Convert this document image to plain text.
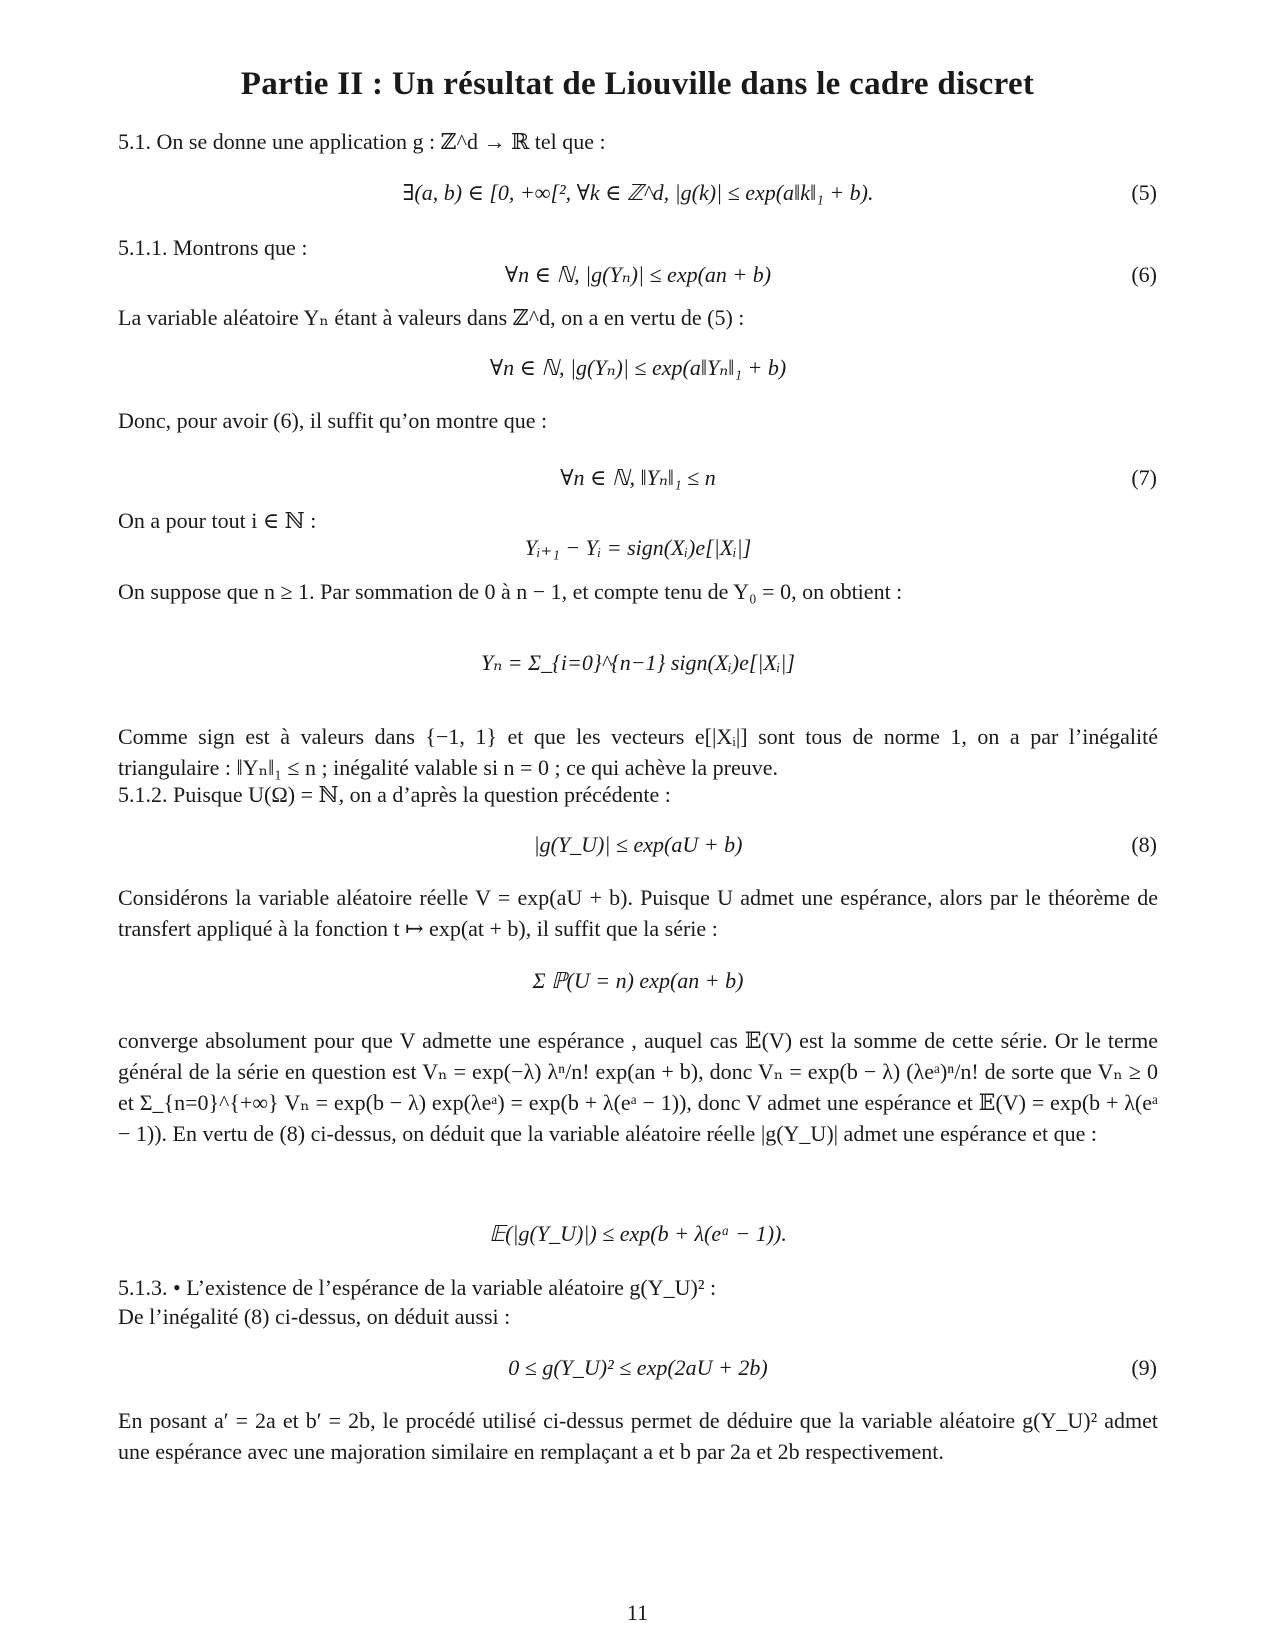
Partie II : Un résultat de Liouville dans le cadre discret
5.1. On se donne une application g : ℤ^d → ℝ tel que :
∃(a, b) ∈ [0, +∞[², ∀k ∈ ℤ^d, |g(k)| ≤ exp(a‖k‖₁ + b).	(5)
5.1.1. Montrons que :
∀n ∈ ℕ, |g(Yₙ)| ≤ exp(an + b)	(6)
La variable aléatoire Yₙ étant à valeurs dans ℤ^d, on a en vertu de (5) :
∀n ∈ ℕ, |g(Yₙ)| ≤ exp(a‖Yₙ‖₁ + b)
Donc, pour avoir (6), il suffit qu’on montre que :
∀n ∈ ℕ, ‖Yₙ‖₁ ≤ n	(7)
On a pour tout i ∈ ℕ :
Yᵢ₊₁ − Yᵢ = sign(Xᵢ)e[|Xᵢ|]
On suppose que n ≥ 1. Par sommation de 0 à n − 1, et compte tenu de Y₀ = 0, on obtient :
Yₙ = Σ_{i=0}^{n−1} sign(Xᵢ)e[|Xᵢ|]
Comme sign est à valeurs dans {−1, 1} et que les vecteurs e[|Xᵢ|] sont tous de norme 1, on a par l’inégalité triangulaire : ‖Yₙ‖₁ ≤ n ; inégalité valable si n = 0 ; ce qui achève la preuve.
5.1.2. Puisque U(Ω) = ℕ, on a d’après la question précédente :
|g(Y_U)| ≤ exp(aU + b)	(8)
Considérons la variable aléatoire réelle V = exp(aU + b). Puisque U admet une espérance, alors par le théorème de transfert appliqué à la fonction t ↦ exp(at + b), il suffit que la série :
Σ ℙ(U = n) exp(an + b)
converge absolument pour que V admette une espérance , auquel cas 𝔼(V) est la somme de cette série. Or le terme général de la série en question est Vₙ = exp(−λ) λⁿ/n! exp(an + b), donc Vₙ = exp(b − λ) (λeᵃ)ⁿ/n! de sorte que Vₙ ≥ 0 et Σ_{n=0}^{+∞} Vₙ = exp(b − λ) exp(λeᵃ) = exp(b + λ(eᵃ − 1)), donc V admet une espérance et 𝔼(V) = exp(b + λ(eᵃ − 1)). En vertu de (8) ci-dessus, on déduit que la variable aléatoire réelle |g(Y_U)| admet une espérance et que :
𝔼(|g(Y_U)|) ≤ exp(b + λ(eᵃ − 1)).
5.1.3. • L’existence de l’espérance de la variable aléatoire g(Y_U)² :
De l’inégalité (8) ci-dessus, on déduit aussi :
0 ≤ g(Y_U)² ≤ exp(2aU + 2b)	(9)
En posant a′ = 2a et b′ = 2b, le procédé utilisé ci-dessus permet de déduire que la variable aléatoire g(Y_U)² admet une espérance avec une majoration similaire en remplaçant a et b par 2a et 2b respectivement.
11
